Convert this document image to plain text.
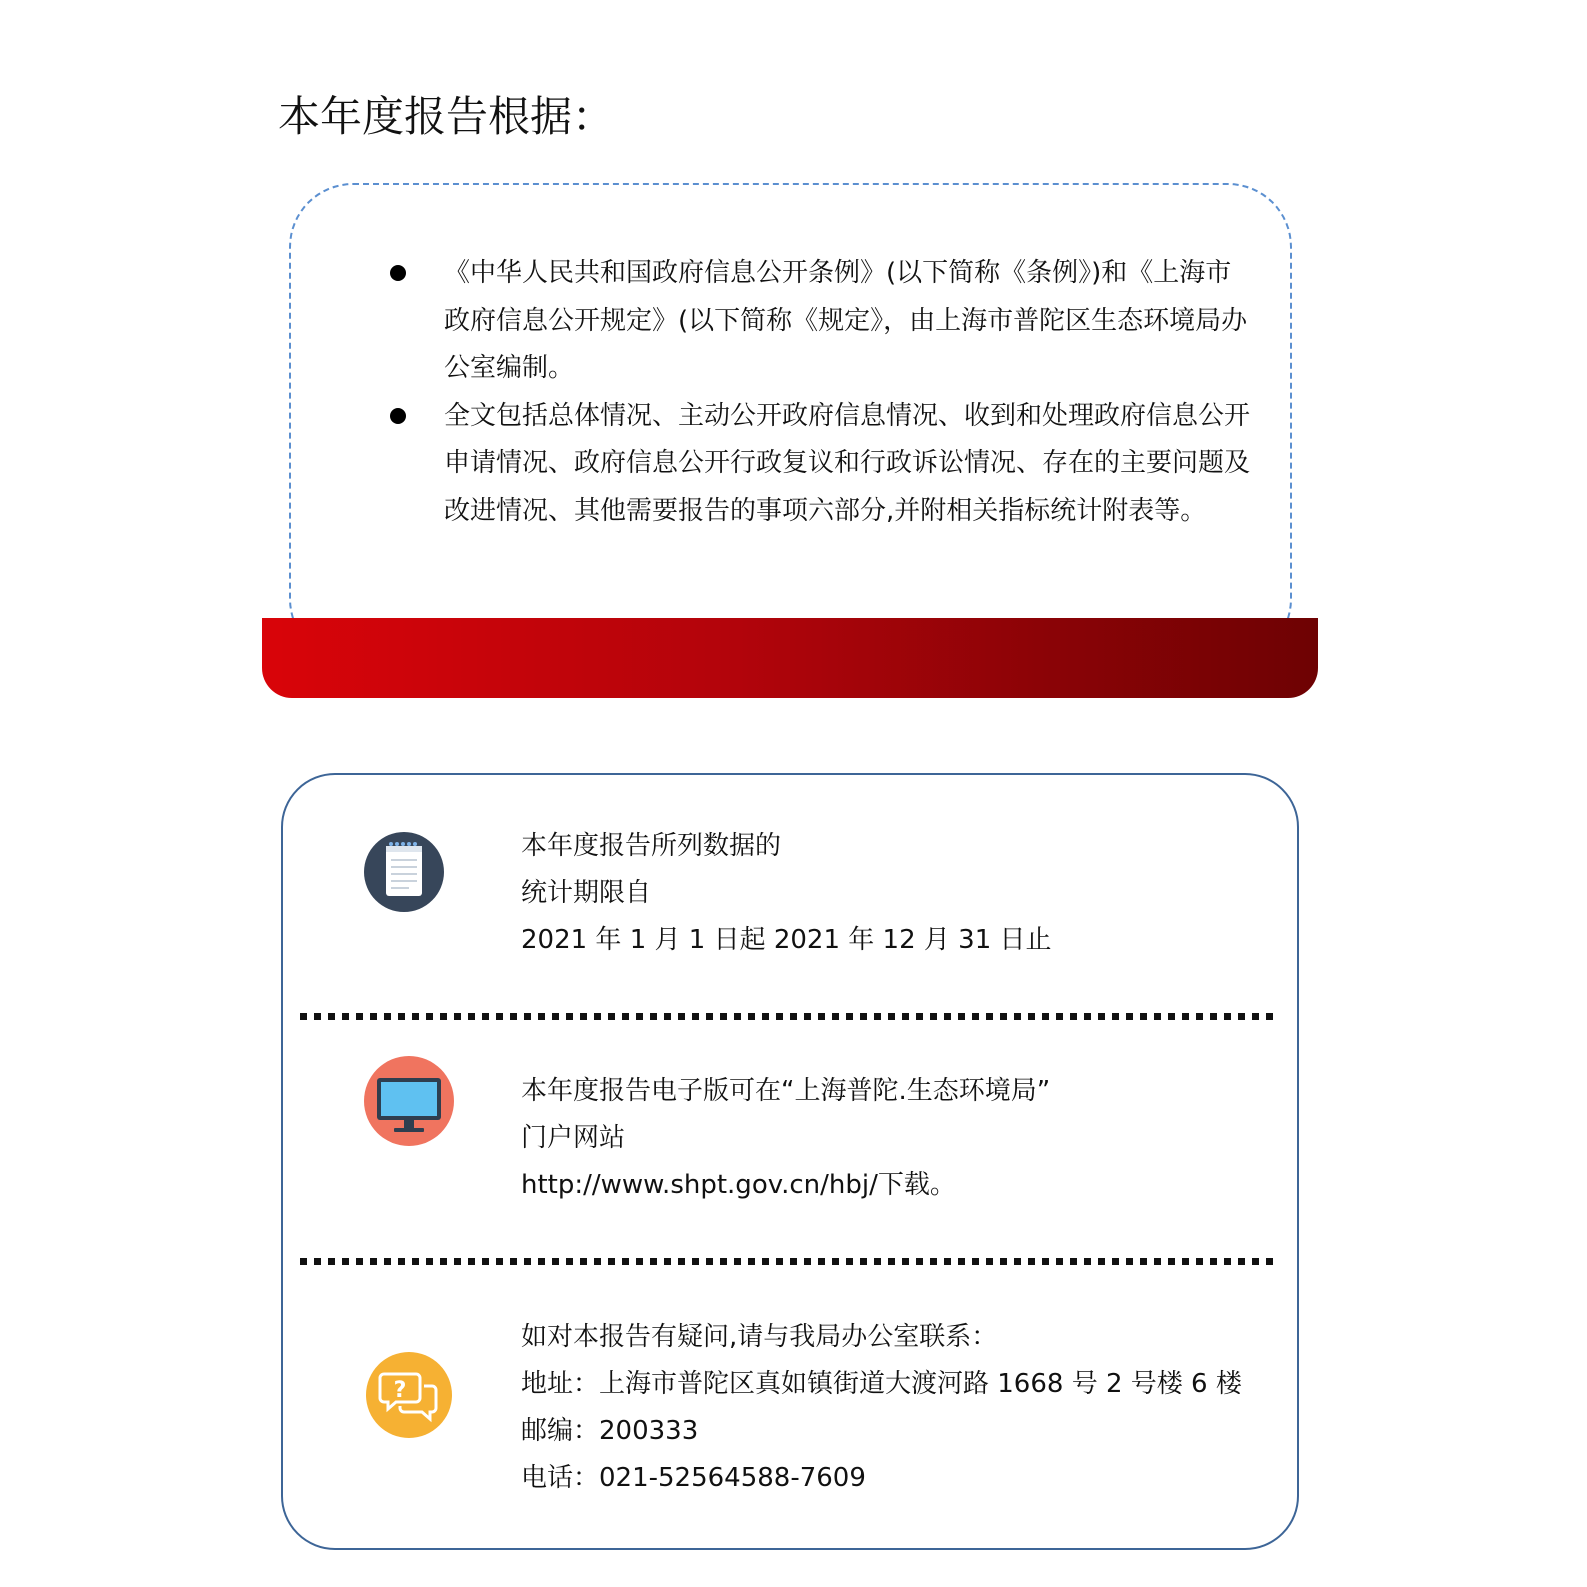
本年度报告根据：
《中华人民共和国政府信息公开条例》(以下简称《条例》)和《上海市政府信息公开规定》(以下简称《规定》，由上海市普陀区生态环境局办公室编制。
全文包括总体情况、主动公开政府信息情况、收到和处理政府信息公开申请情况、政府信息公开行政复议和行政诉讼情况、存在的主要问题及改进情况、其他需要报告的事项六部分,并附相关指标统计附表等。
本年度报告所列数据的
统计期限自
2021 年 1 月 1 日起 2021 年 12 月 31 日止
本年度报告电子版可在“上海普陀.生态环境局”
门户网站
http://www.shpt.gov.cn/hbj/下载。
?
如对本报告有疑问,请与我局办公室联系：
地址：上海市普陀区真如镇街道大渡河路 1668 号 2 号楼 6 楼
邮编：200333
电话：021-52564588-7609
